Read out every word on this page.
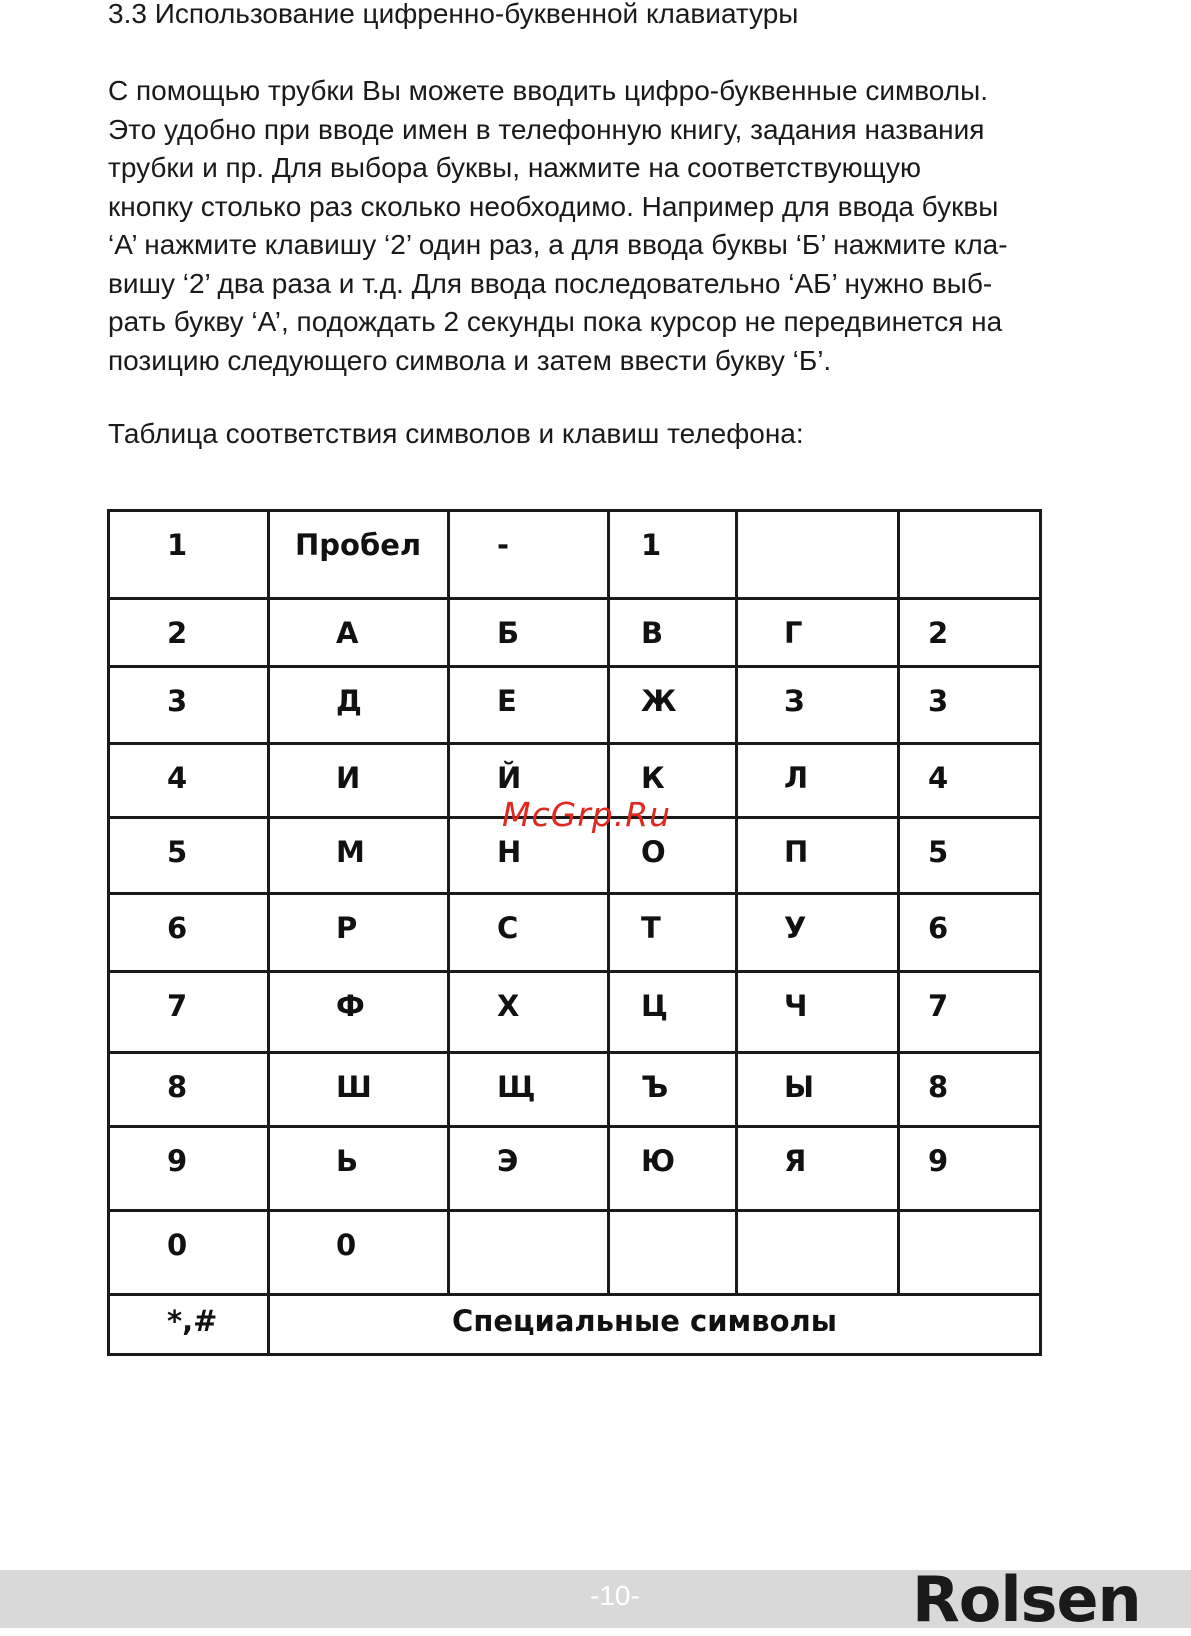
3.3 Использование цифренно-буквенной клавиатуры
С помощью трубки Вы можете вводить цифро-буквенные символы.
Это удобно при вводе имен в телефонную книгу, задания названия
трубки и пр. Для выбора буквы, нажмите на соответствующую
кнопку столько раз сколько необходимо. Например для ввода буквы
‘А’ нажмите клавишу ‘2’ один раз, а для ввода буквы ‘Б’ нажмите кла-
вишу ‘2’ два раза и т.д. Для ввода последовательно ‘АБ’ нужно выб-
рать букву ‘А’, подождать 2 секунды пока курсор не передвинется на
позицию следующего символа и затем ввести букву ‘Б’.
Таблица соответствия символов и клавиш телефона:
1	Пробел	-	1		

2	А	Б	В	Г	2

3	Д	Е	Ж	З	3

4	И	Й	К	Л	4

5	М	Н	О	П	5

6	Р	С	Т	У	6

7	Ф	Х	Ц	Ч	7

8	Ш	Щ	Ъ	Ы	8

9	Ь	Э	Ю	Я	9

0	0				

*,#	Специальные символы				
McGrp.Ru
-10-	Rolsen
